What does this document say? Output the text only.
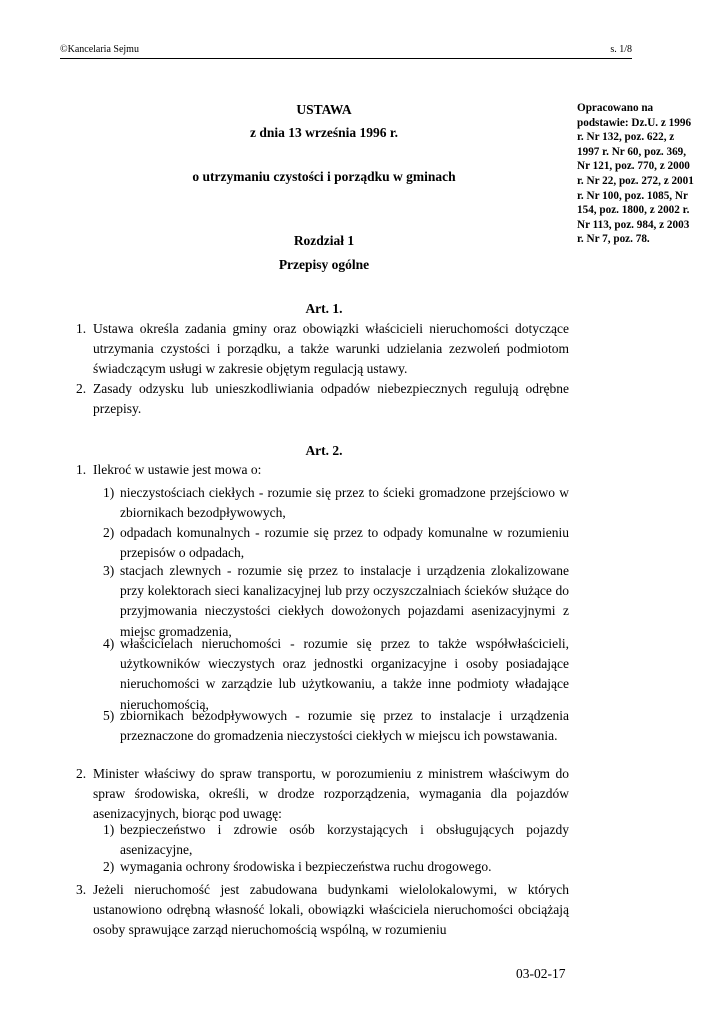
©Kancelaria Sejmu	s. 1/8
Opracowano na podstawie: Dz.U. z 1996 r. Nr 132, poz. 622, z 1997 r. Nr 60, poz. 369, Nr 121, poz. 770, z 2000 r. Nr 22, poz. 272, z 2001 r. Nr 100, poz. 1085, Nr 154, poz. 1800, z 2002 r. Nr 113, poz. 984, z 2003 r. Nr 7, poz. 78.
USTAWA
z dnia 13 września 1996 r.
o utrzymaniu czystości i porządku w gminach
Rozdział 1
Przepisy ogólne
Art. 1.
1. Ustawa określa zadania gminy oraz obowiązki właścicieli nieruchomości dotyczące utrzymania czystości i porządku, a także warunki udzielania zezwoleń podmiotom świadczącym usługi w zakresie objętym regulacją ustawy.
2. Zasady odzysku lub unieszkodliwiania odpadów niebezpiecznych regulują odrębne przepisy.
Art. 2.
1. Ilekroć w ustawie jest mowa o:
1) nieczystościach ciekłych - rozumie się przez to ścieki gromadzone przejściowo w zbiornikach bezodpływowych,
2) odpadach komunalnych - rozumie się przez to odpady komunalne w rozumieniu przepisów o odpadach,
3) stacjach zlewnych - rozumie się przez to instalacje i urządzenia zlokalizowane przy kolektorach sieci kanalizacyjnej lub przy oczyszczalniach ścieków służące do przyjmowania nieczystości ciekłych dowożonych pojazdami asenizacyjnymi z miejsc gromadzenia,
4) właścicielach nieruchomości - rozumie się przez to także współwłaścicieli, użytkowników wieczystych oraz jednostki organizacyjne i osoby posiadające nieruchomości w zarządzie lub użytkowaniu, a także inne podmioty władające nieruchomością,
5) zbiornikach bezodpływowych - rozumie się przez to instalacje i urządzenia przeznaczone do gromadzenia nieczystości ciekłych w miejscu ich powstawania.
2. Minister właściwy do spraw transportu, w porozumieniu z ministrem właściwym do spraw środowiska, określi, w drodze rozporządzenia, wymagania dla pojazdów asenizacyjnych, biorąc pod uwagę:
1) bezpieczeństwo i zdrowie osób korzystających i obsługujących pojazdy asenizacyjne,
2) wymagania ochrony środowiska i bezpieczeństwa ruchu drogowego.
3. Jeżeli nieruchomość jest zabudowana budynkami wielolokalowymi, w których ustanowiono odrębną własność lokali, obowiązki właściciela nieruchomości obciążają osoby sprawujące zarząd nieruchomością wspólną, w rozumieniu
03-02-17
